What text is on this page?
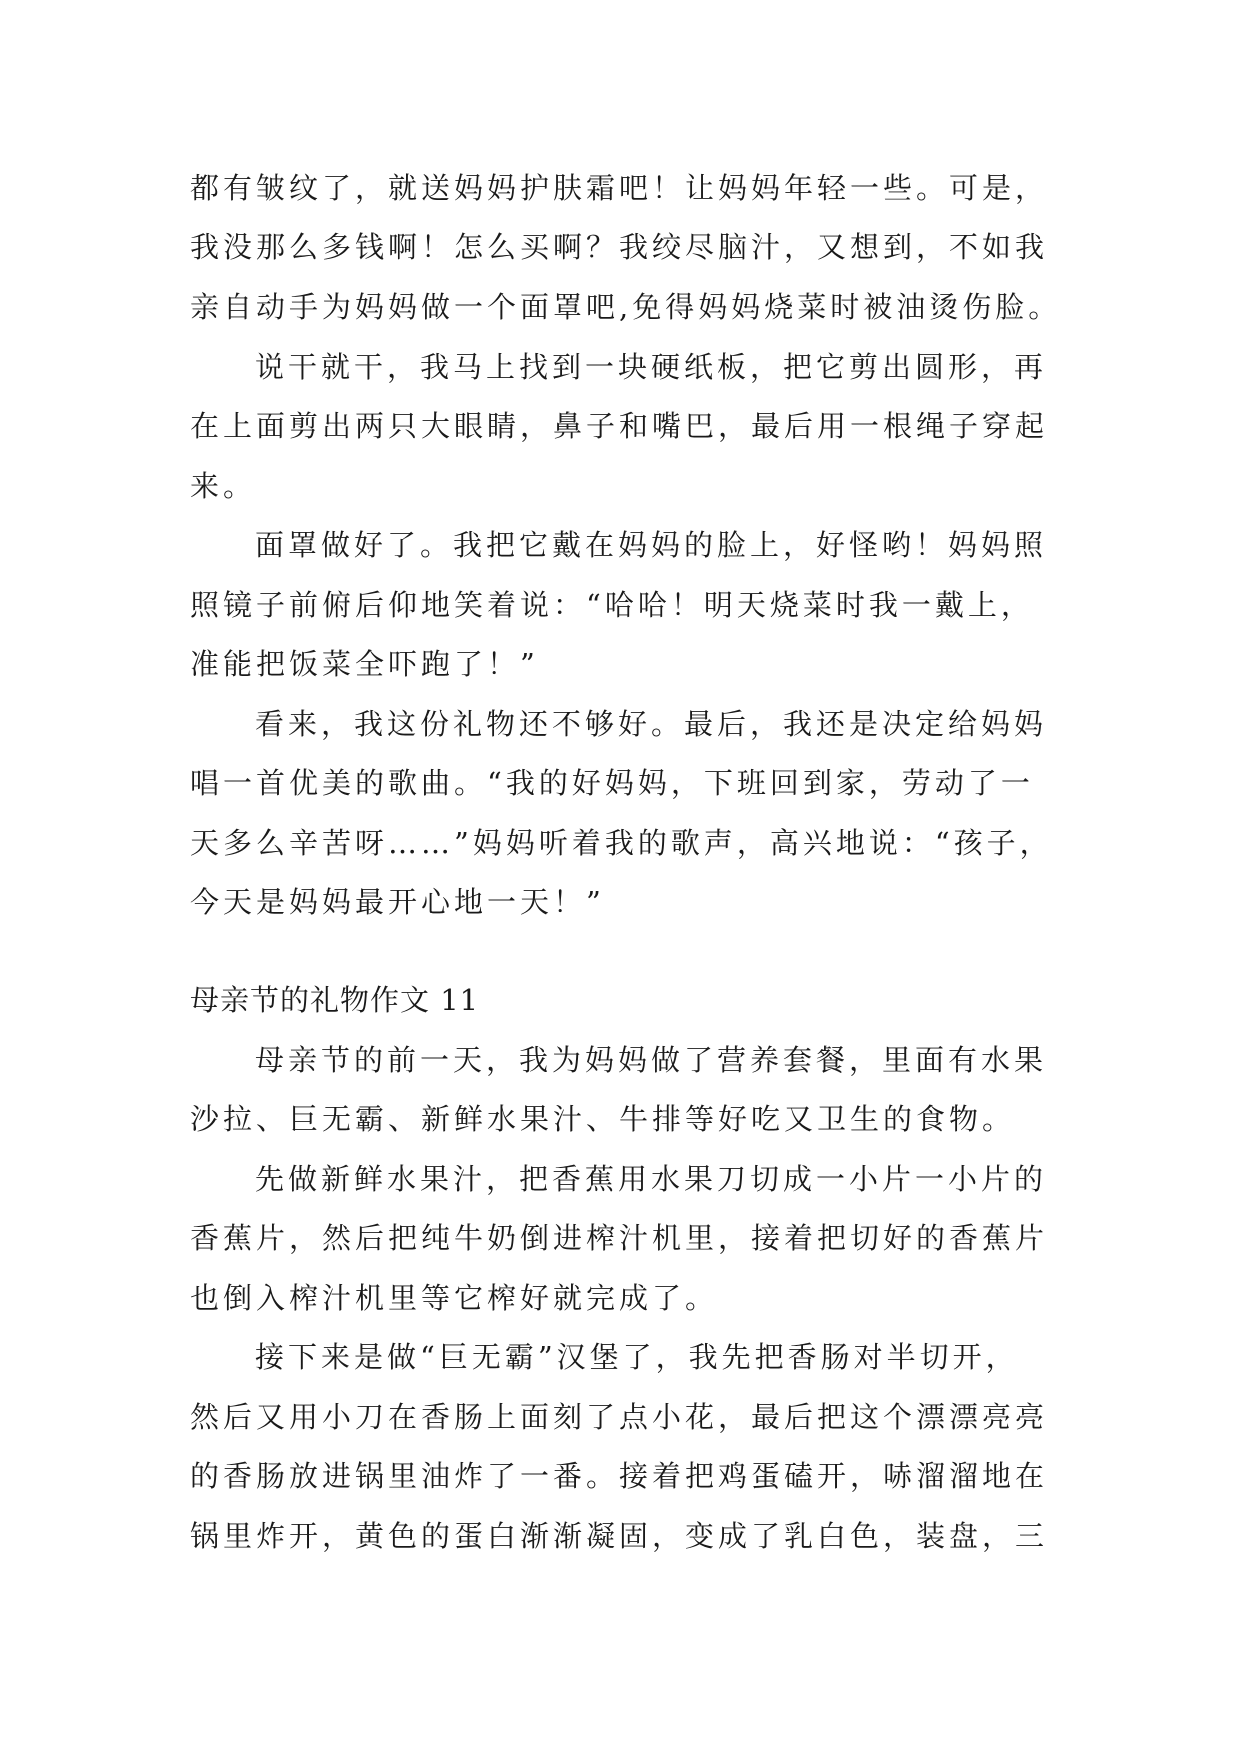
都有皱纹了，就送妈妈护肤霜吧！让妈妈年轻一些。可是，
我没那么多钱啊！怎么买啊？我绞尽脑汁，又想到，不如我
亲自动手为妈妈做一个面罩吧,免得妈妈烧菜时被油烫伤脸。
说干就干，我马上找到一块硬纸板，把它剪出圆形，再
在上面剪出两只大眼睛，鼻子和嘴巴，最后用一根绳子穿起
来。
面罩做好了。我把它戴在妈妈的脸上，好怪哟！妈妈照
照镜子前俯后仰地笑着说：“哈哈！明天烧菜时我一戴上，
准能把饭菜全吓跑了！”
看来，我这份礼物还不够好。最后，我还是决定给妈妈
唱一首优美的歌曲。“我的好妈妈，下班回到家，劳动了一
天多么辛苦呀……”妈妈听着我的歌声，高兴地说：“孩子，
今天是妈妈最开心地一天！”
母亲节的礼物作文 11
母亲节的前一天，我为妈妈做了营养套餐，里面有水果
沙拉、巨无霸、新鲜水果汁、牛排等好吃又卫生的食物。
先做新鲜水果汁，把香蕉用水果刀切成一小片一小片的
香蕉片，然后把纯牛奶倒进榨汁机里，接着把切好的香蕉片
也倒入榨汁机里等它榨好就完成了。
接下来是做“巨无霸”汉堡了，我先把香肠对半切开，
然后又用小刀在香肠上面刻了点小花，最后把这个漂漂亮亮
的香肠放进锅里油炸了一番。接着把鸡蛋磕开，哧溜溜地在
锅里炸开，黄色的蛋白渐渐凝固，变成了乳白色，装盘，三
